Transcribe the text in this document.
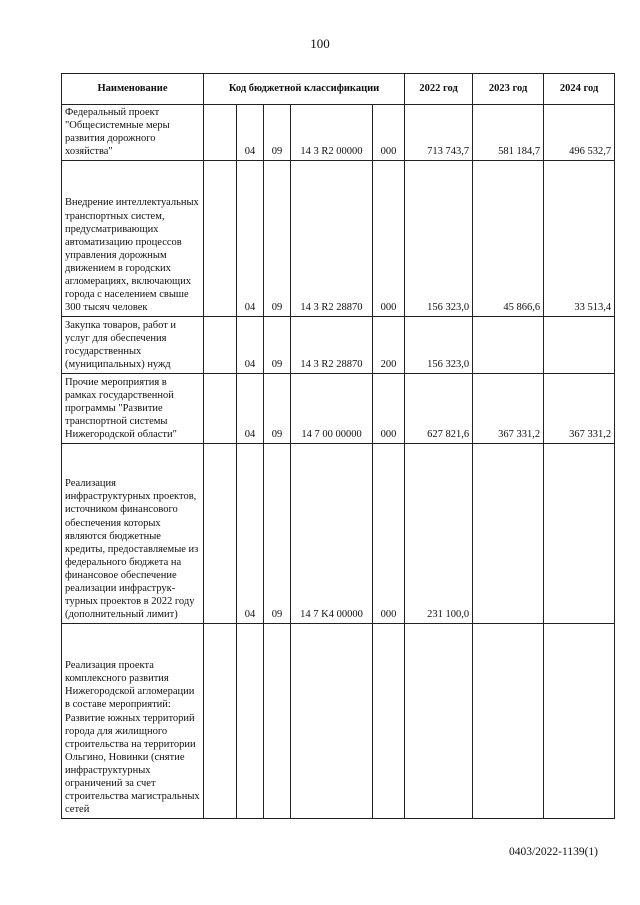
100
Наименование	Код бюджетной классификации					2022 год	2023 год	2024 год
Федеральный проект "Общесистемные меры развития дорожного хозяйства"		04	09	14 3 R2 00000	000	713 743,7	581 184,7	496 532,7
Внедрение интеллектуальных транспортных систем, предусматривающих автоматизацию процессов управления дорожным движением в городских агломерациях, включающих города с населением свыше 300 тысяч человек		04	09	14 3 R2 28870	000	156 323,0	45 866,6	33 513,4
Закупка товаров, работ и услуг для обеспечения государственных (муниципальных) нужд		04	09	14 3 R2 28870	200	156 323,0		
Прочие мероприятия в рамках государственной программы "Развитие транспортной системы Нижегородской области"		04	09	14 7 00 00000	000	627 821,6	367 331,2	367 331,2
Реализация инфраструктурных проектов, источником финансового обеспечения которых являются бюджетные кредиты, предоставляемые из федерального бюджета на финансовое обеспечение реализации инфраструк-турных проектов в 2022 году (дополнительный лимит)		04	09	14 7 K4 00000	000	231 100,0		
Реализация проекта комплексного развития Нижегородской агломерации в составе мероприятий: Развитие южных территорий города для жилищного строительства на территории Ольгино, Новинки (снятие инфраструктурных ограничений за счет строительства магистральных сетей								
0403/2022-1139(1)
